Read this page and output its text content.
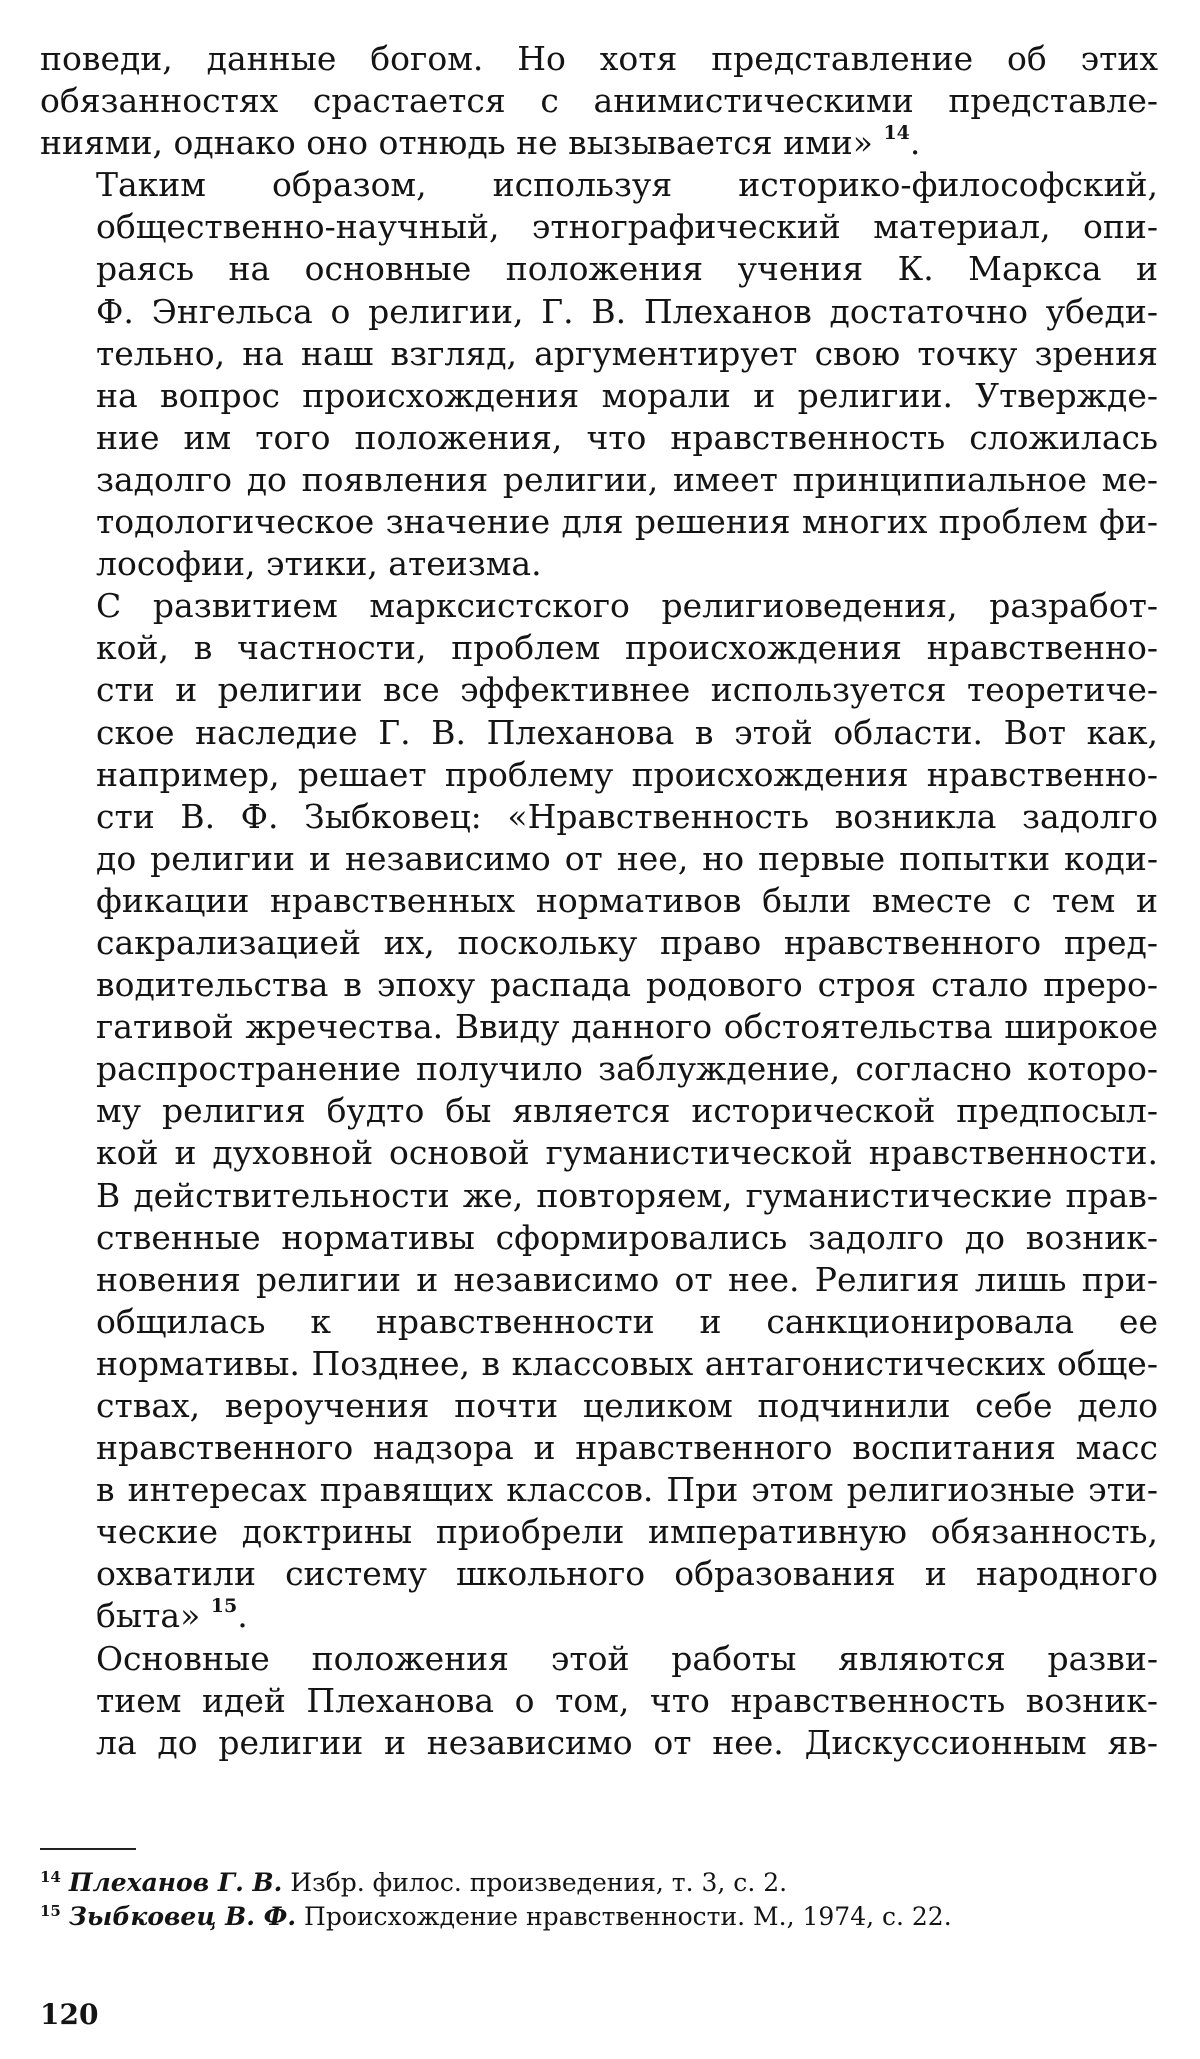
поведи, данные богом. Но хотя представление об этих
обязанностях срастается с анимистическими представле-
ниями, однако оно отнюдь не вызывается ими» $^{14}$.

Таким образом, используя историко-философский,
общественно-научный, этнографический материал, опи-
раясь на основные положения учения К. Маркса и
Ф. Энгельса о религии, Г. В. Плеханов достаточно убеди-
тельно, на наш взгляд, аргументирует свою точку зрения
на вопрос происхождения морали и религии. Утвержде-
ние им того положения, что нравственность сложилась
задолго до появления религии, имеет принципиальное ме-
тодологическое значение для решения многих проблем фи-
лософии, этики, атеизма.

С развитием марксистского религиоведения, разработ-
кой, в частности, проблем происхождения нравственно-
сти и религии все эффективнее используется теоретиче-
ское наследие Г. В. Плеханова в этой области. Вот как,
например, решает проблему происхождения нравственно-
сти В. Ф. Зыбковец: «Нравственность возникла задолго
до религии и независимо от нее, но первые попытки коди-
фикации нравственных нормативов были вместе с тем и
сакрализацией их, поскольку право нравственного пред-
водительства в эпоху распада родового строя стало преро-
гативой жречества. Ввиду данного обстоятельства широкое
распространение получило заблуждение, согласно которо-
му религия будто бы является исторической предпосыл-
кой и духовной основой гуманистической нравственности.
В действительности же, повторяем, гуманистические прав-
ственные нормативы сформировались задолго до возник-
новения религии и независимо от нее. Религия лишь при-
общилась к нравственности и санкционировала ее
нормативы. Позднее, в классовых антагонистических обще-
ствах, вероучения почти целиком подчинили себе дело
нравственного надзора и нравственного воспитания масс
в интересах правящих классов. При этом религиозные эти-
ческие доктрины приобрели императивную обязанность,
охватили систему школьного образования и народного
быта» $^{15}$.

Основные положения этой работы являются разви-
тием идей Плеханова о том, что нравственность возник-
ла до религии и независимо от нее. Дискуссионным яв-

$^{14}$ Плеханов Г. В. Избр. филос. произведения, т. 3, с. 2.

$^{15}$ Зыбковец В. Ф. Происхождение нравственности. М., 1974, с. 22.

120
